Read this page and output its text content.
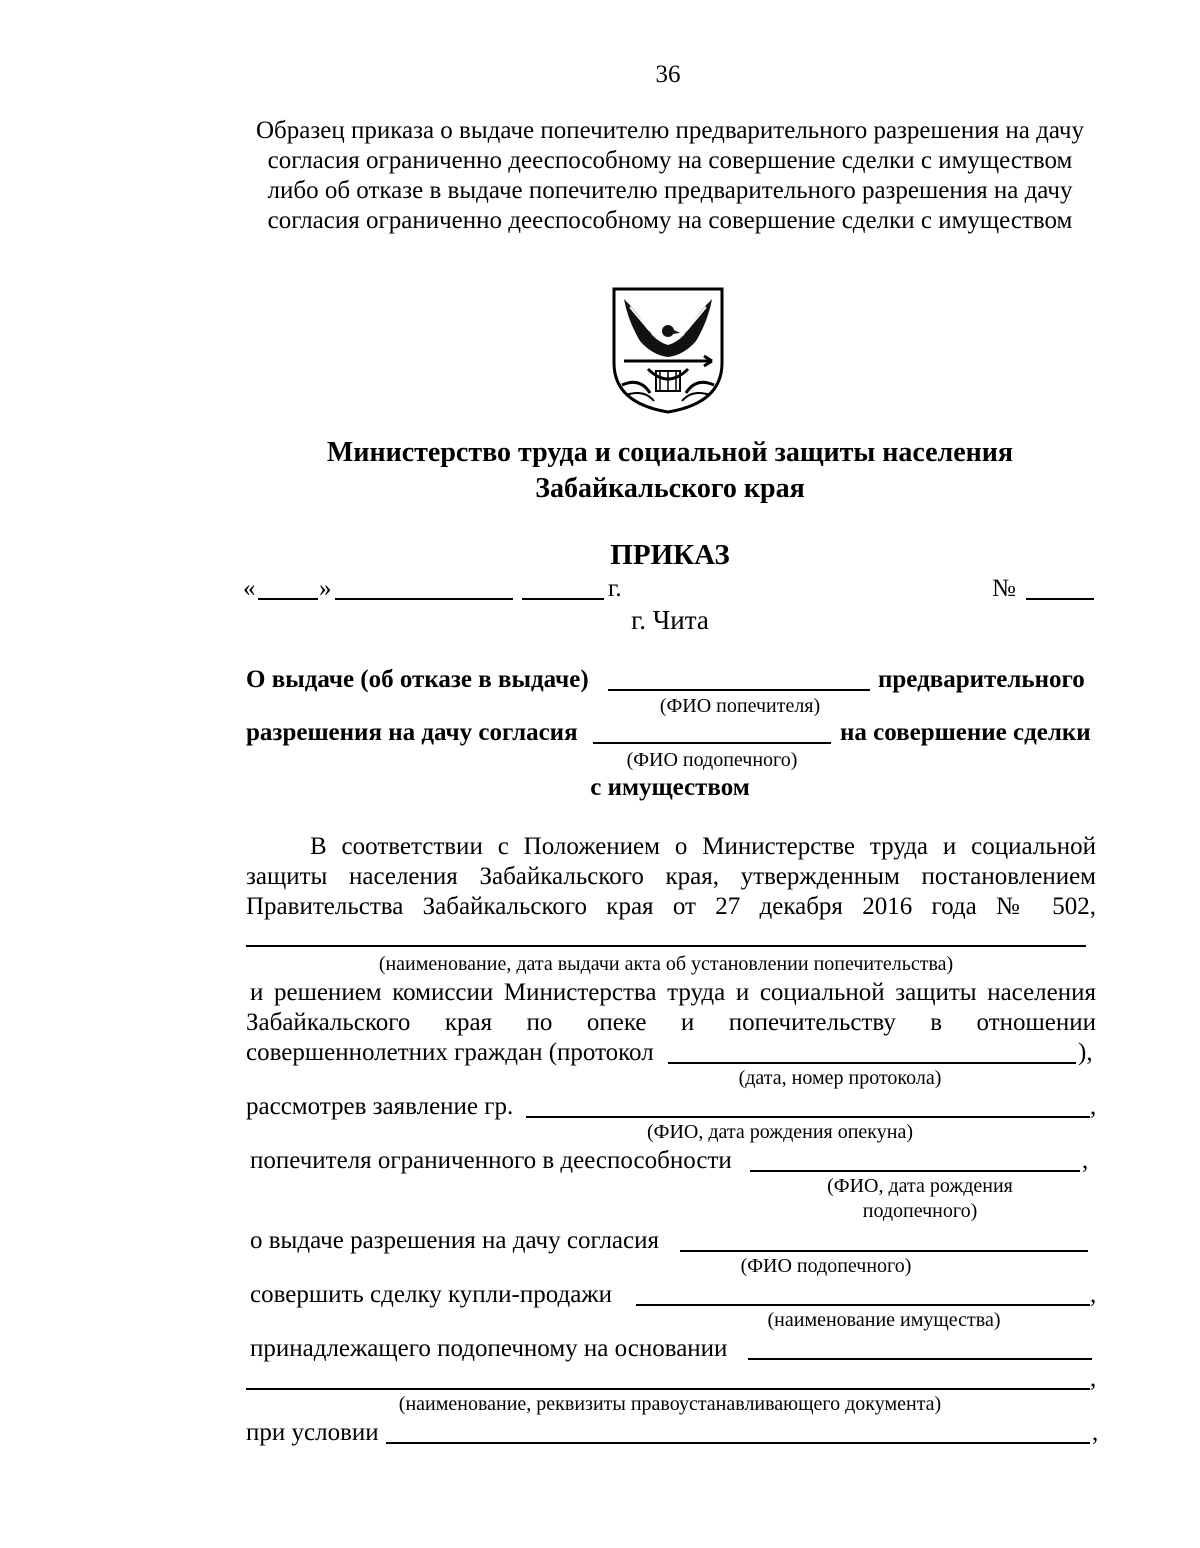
36
Образец приказа о выдаче попечителю предварительного разрешения на дачу
согласия ограниченно дееспособному на совершение сделки с имуществом
либо об отказе в выдаче попечителю предварительного разрешения на дачу
согласия ограниченно дееспособному на совершение сделки с имуществом
Министерство труда и социальной защиты населения
Забайкальского края
ПРИКАЗ
«	»	г.	№
г. Чита
О выдаче (об отказе в выдаче)	предварительного
(ФИО попечителя)
разрешения на дачу согласия	на совершение сделки
(ФИО подопечного)
с имуществом
В соответствии с Положением о Министерстве труда и социальной
защиты населения Забайкальского края, утвержденным постановлением
Правительства Забайкальского края от 27 декабря 2016 года № 502,
(наименование, дата выдачи акта об установлении попечительства)
и решением комиссии Министерства труда и социальной защиты населения
Забайкальского края по опеке и попечительству в отношении
совершеннолетних граждан (протокол	),
(дата, номер протокола)
рассмотрев заявление гр.	,
(ФИО, дата рождения опекуна)
попечителя ограниченного в дееспособности	,
(ФИО, дата рождения
подопечного)
о выдаче разрешения на дачу согласия
(ФИО подопечного)
совершить сделку купли-продажи	,
(наименование имущества)
принадлежащего подопечному на основании
,
(наименование, реквизиты правоустанавливающего документа)
при условии	,
